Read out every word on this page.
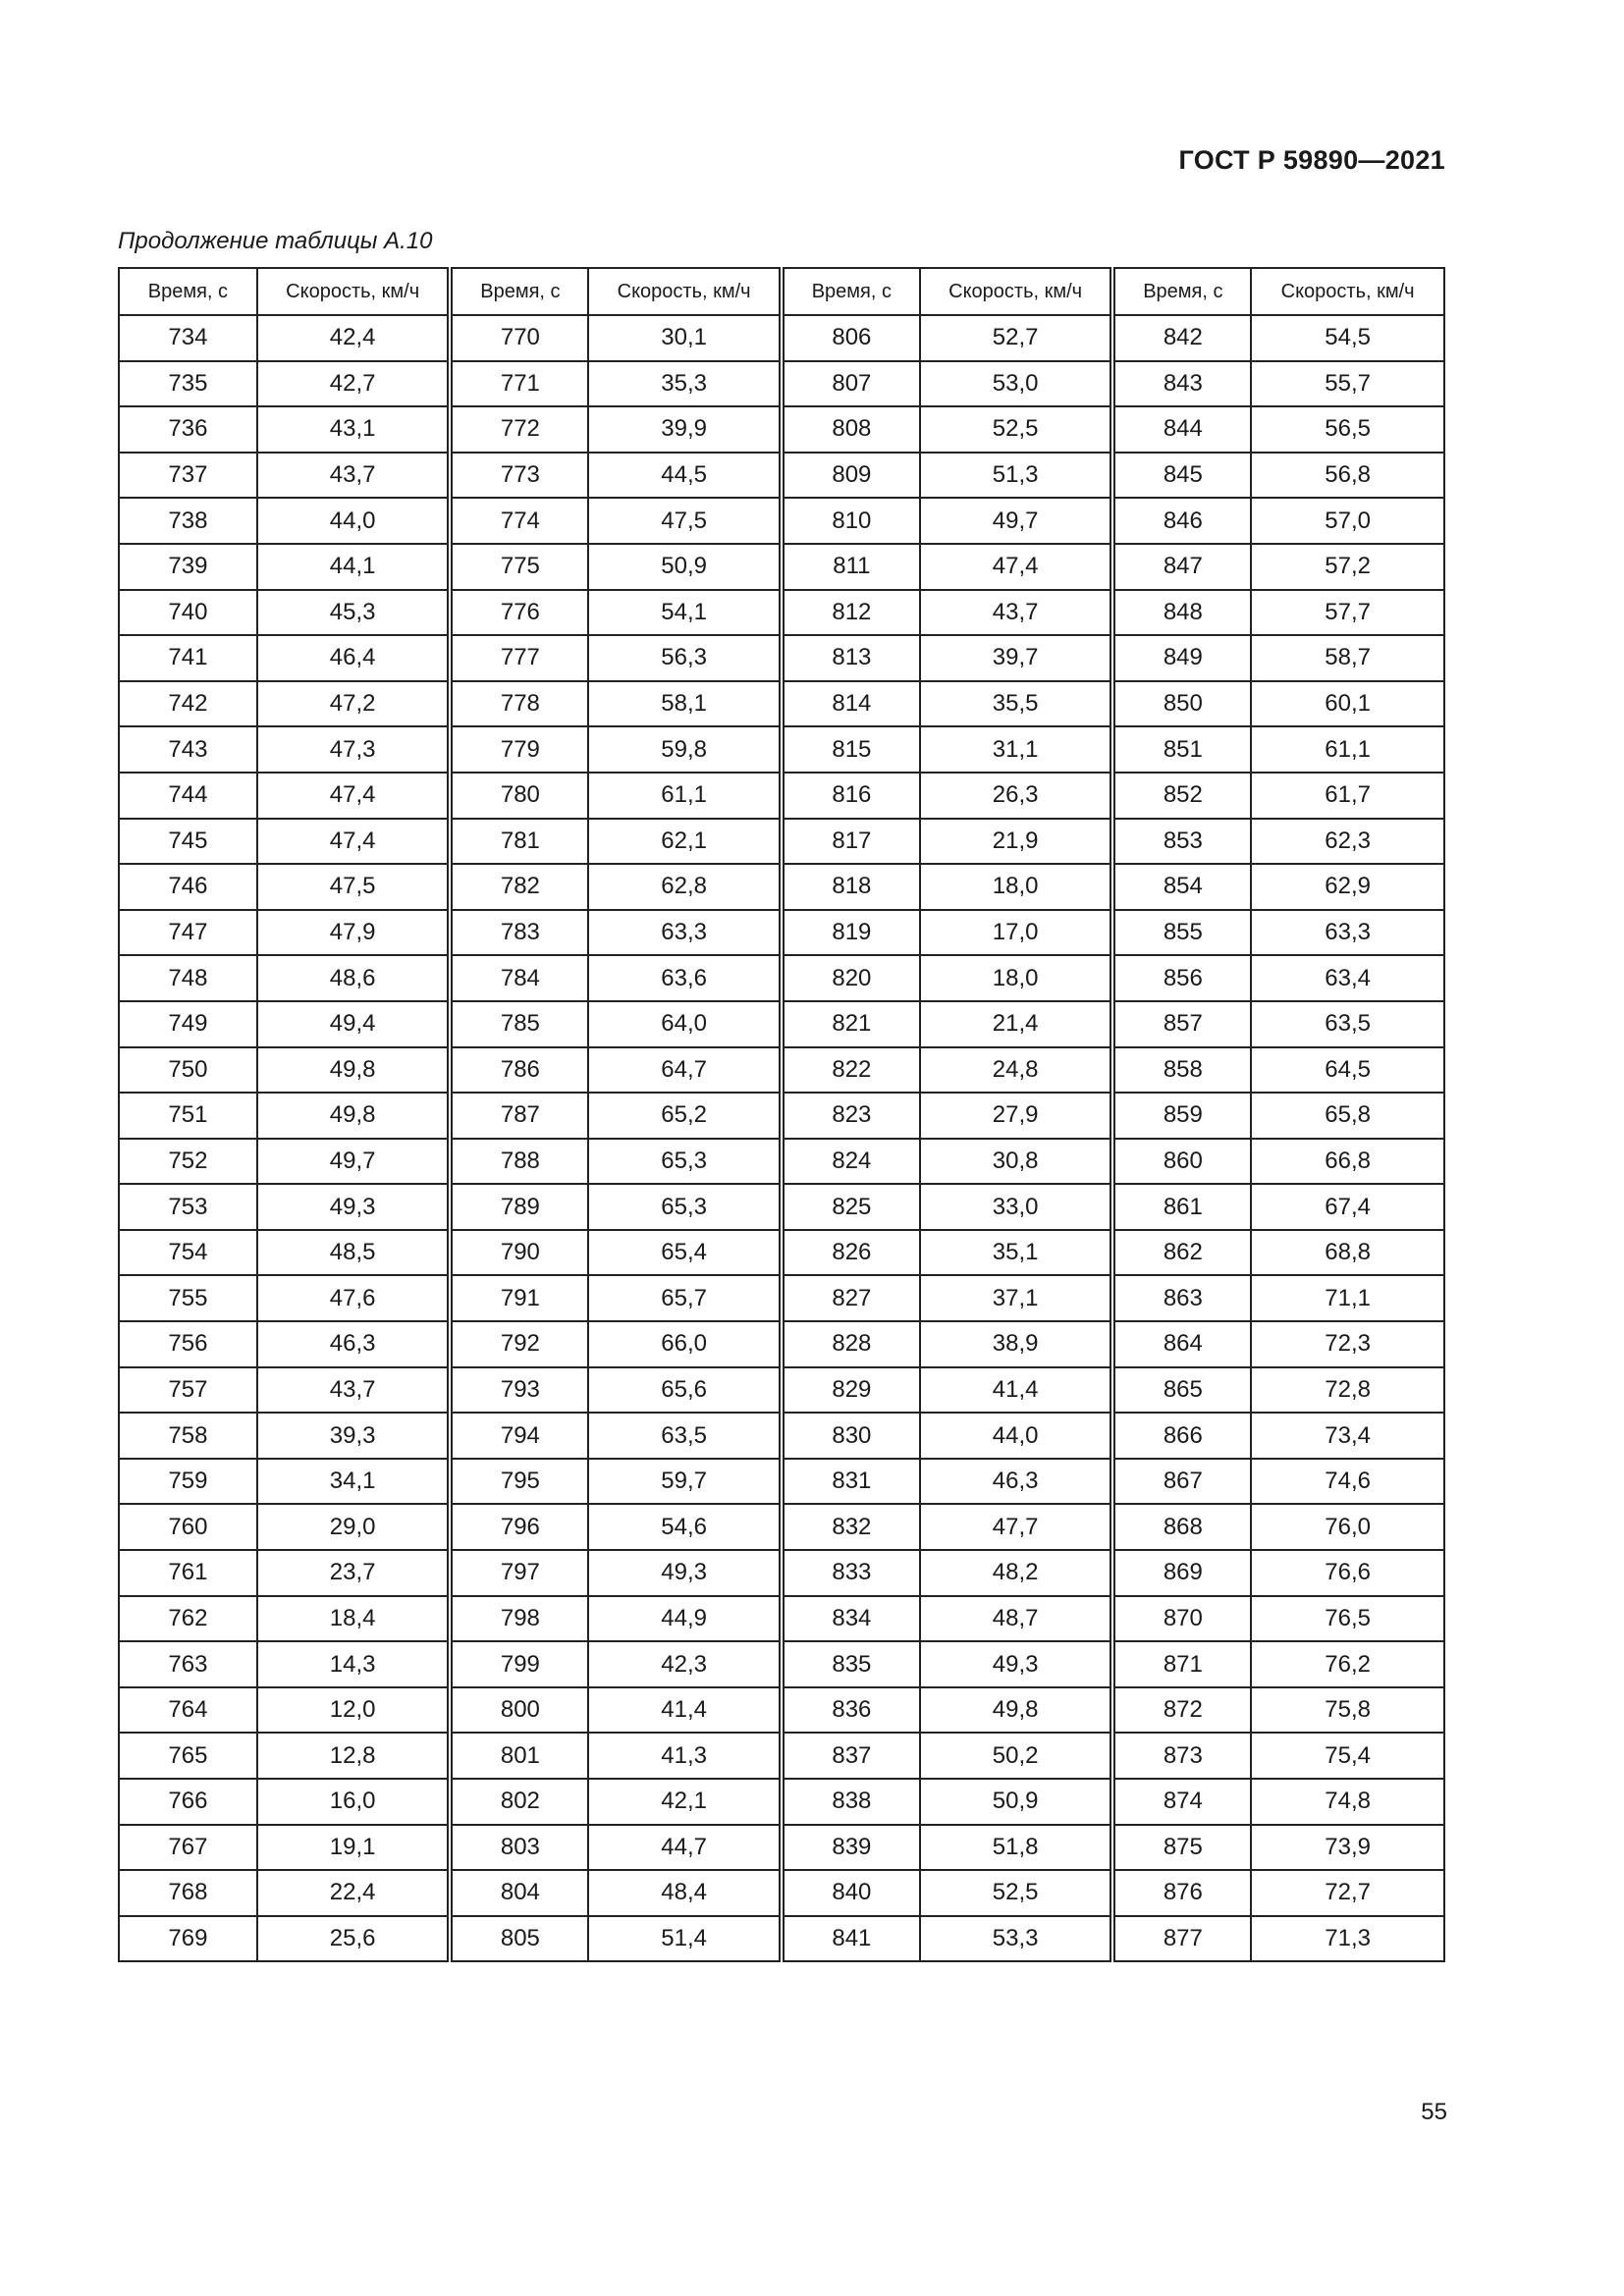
ГОСТ Р 59890—2021
Продолжение таблицы А.10
Время, с	Скорость, км/ч	Время, с	Скорость, км/ч	Время, с	Скорость, км/ч	Время, с	Скорость, км/ч
734	42,4	770	30,1	806	52,7	842	54,5
735	42,7	771	35,3	807	53,0	843	55,7
736	43,1	772	39,9	808	52,5	844	56,5
737	43,7	773	44,5	809	51,3	845	56,8
738	44,0	774	47,5	810	49,7	846	57,0
739	44,1	775	50,9	811	47,4	847	57,2
740	45,3	776	54,1	812	43,7	848	57,7
741	46,4	777	56,3	813	39,7	849	58,7
742	47,2	778	58,1	814	35,5	850	60,1
743	47,3	779	59,8	815	31,1	851	61,1
744	47,4	780	61,1	816	26,3	852	61,7
745	47,4	781	62,1	817	21,9	853	62,3
746	47,5	782	62,8	818	18,0	854	62,9
747	47,9	783	63,3	819	17,0	855	63,3
748	48,6	784	63,6	820	18,0	856	63,4
749	49,4	785	64,0	821	21,4	857	63,5
750	49,8	786	64,7	822	24,8	858	64,5
751	49,8	787	65,2	823	27,9	859	65,8
752	49,7	788	65,3	824	30,8	860	66,8
753	49,3	789	65,3	825	33,0	861	67,4
754	48,5	790	65,4	826	35,1	862	68,8
755	47,6	791	65,7	827	37,1	863	71,1
756	46,3	792	66,0	828	38,9	864	72,3
757	43,7	793	65,6	829	41,4	865	72,8
758	39,3	794	63,5	830	44,0	866	73,4
759	34,1	795	59,7	831	46,3	867	74,6
760	29,0	796	54,6	832	47,7	868	76,0
761	23,7	797	49,3	833	48,2	869	76,6
762	18,4	798	44,9	834	48,7	870	76,5
763	14,3	799	42,3	835	49,3	871	76,2
764	12,0	800	41,4	836	49,8	872	75,8
765	12,8	801	41,3	837	50,2	873	75,4
766	16,0	802	42,1	838	50,9	874	74,8
767	19,1	803	44,7	839	51,8	875	73,9
768	22,4	804	48,4	840	52,5	876	72,7
769	25,6	805	51,4	841	53,3	877	71,3
55
